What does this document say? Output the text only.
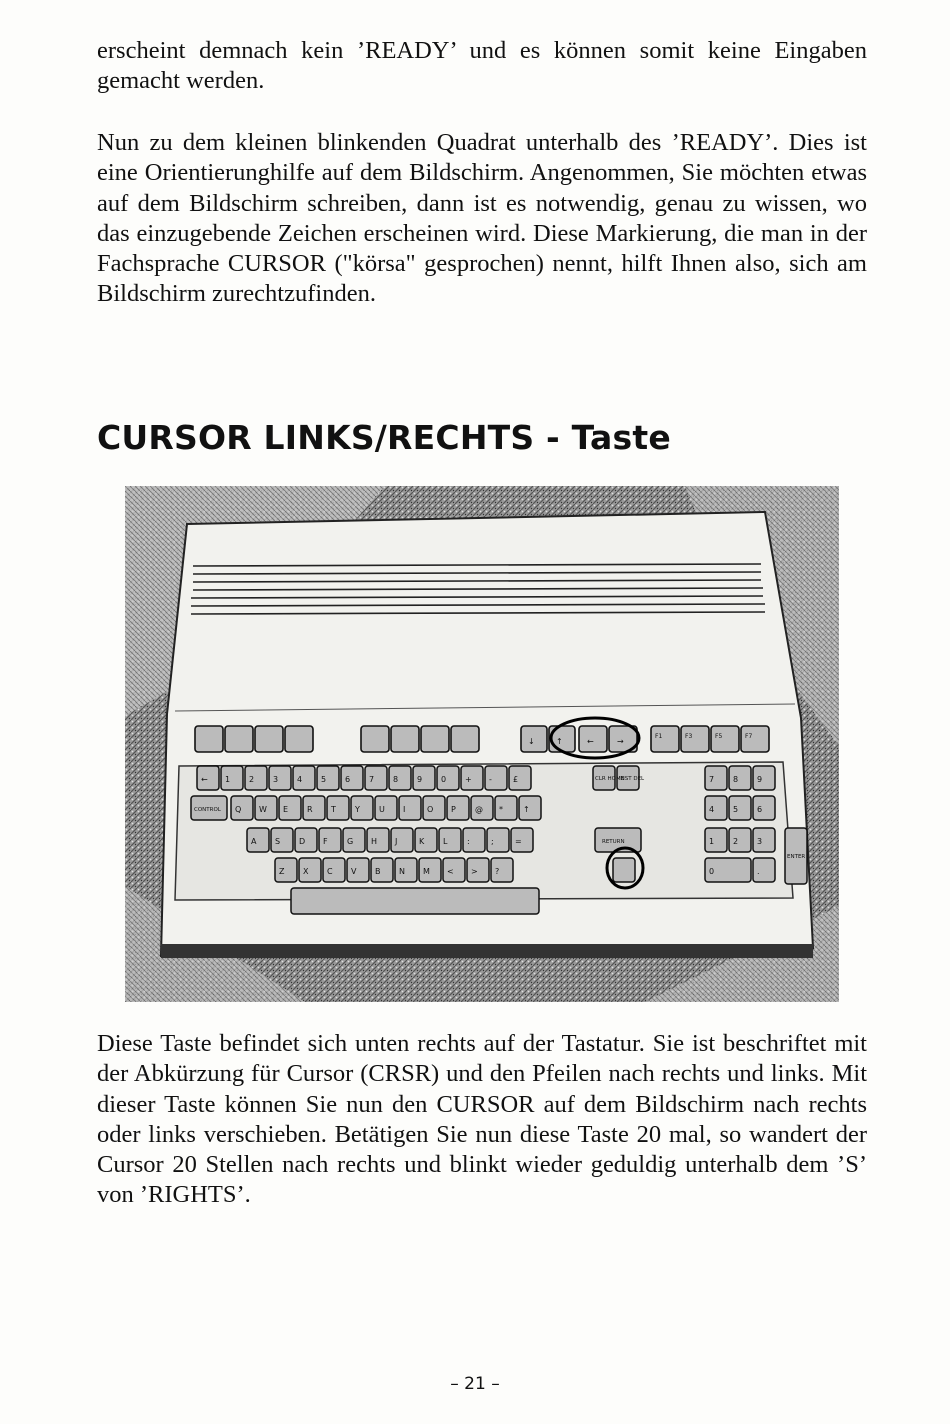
erscheint demnach kein ’READY’ und es können somit keine Eingaben gemacht werden.

Nun zu dem kleinen blinkenden Quadrat unterhalb des ’READY’. Dies ist eine Orientierunghilfe auf dem Bildschirm. Angenommen, Sie möchten etwas auf dem Bildschirm schreiben, dann ist es notwendig, genau zu wissen, wo das einzugebende Zeichen erscheinen wird. Diese Markierung, die man in der Fachsprache CURSOR ("körsa" gesprochen) nennt, hilft Ihnen also, sich am Bildschirm zurechtzufinden.

CURSOR LINKS/RECHTS - Taste
↓	↑	←	→
F1	F3	F5	F7
← 1 2 3 4 5 6 7 8 9 0 + -	£
Q W E R T Y U I	O P @ *	↑
A S D F G H J	K L :	;	=
Z X C V B N M < > ?
7 8 9
4 5 6
1 2 3
0	.
CONTROL
RETURN
CLR HOME
INST DEL
ENTER

Diese Taste befindet sich unten rechts auf der Tastatur. Sie ist beschriftet mit der Abkürzung für Cursor (CRSR) und den Pfeilen nach rechts und links. Mit dieser Taste können Sie nun den CURSOR auf dem Bildschirm nach rechts oder links verschieben. Betätigen Sie nun diese Taste 20 mal, so wandert der Cursor 20 Stellen nach rechts und blinkt wieder geduldig unterhalb dem ’S’ von ’RIGHTS’.

– 21 –
